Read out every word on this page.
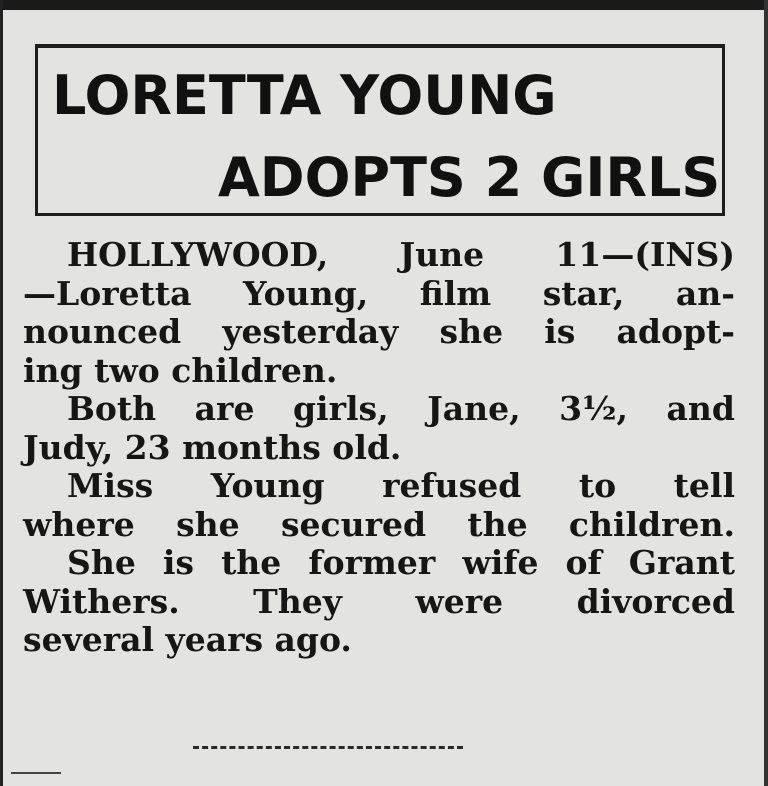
LORETTA YOUNG
ADOPTS 2 GIRLS
HOLLYWOOD, June 11—(INS)
—Loretta Young, film star, an-
nounced yesterday she is adopt-
ing two children.
Both are girls, Jane, 3½, and
Judy, 23 months old.
Miss Young refused to tell
where she secured the children.
She is the former wife of Grant
Withers. They were divorced
several years ago.
